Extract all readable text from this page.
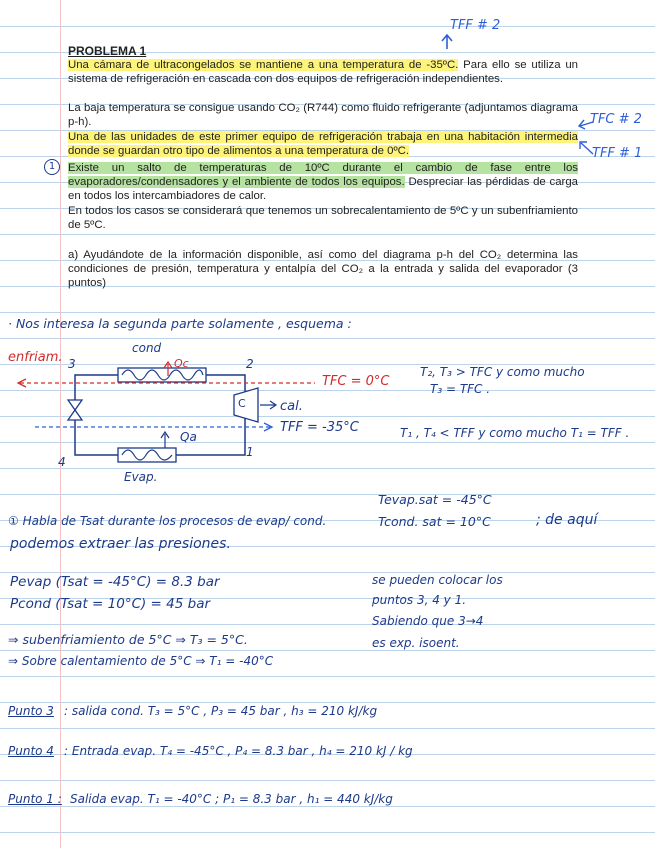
PROBLEMA 1
Una cámara de ultracongelados se mantiene a una temperatura de -35ºC. Para ello se utiliza un sistema de refrigeración en cascada con dos equipos de refrigeración independientes.
La baja temperatura se consigue usando CO₂ (R744) como fluido refrigerante (adjuntamos diagrama p-h).
Una de las unidades de este primer equipo de refrigeración trabaja en una habitación intermedia donde se guardan otro tipo de alimentos a una temperatura de 0ºC.
Existe un salto de temperaturas de 10ºC durante el cambio de fase entre los evaporadores/condensadores y el ambiente de todos los equipos. Despreciar las pérdidas de carga en todos los intercambiadores de calor.
En todos los casos se considerará que tenemos un sobrecalentamiento de 5ºC y un subenfriamiento de 5ºC.
a) Ayudándote de la información disponible, así como del diagrama p-h del CO₂ determina las condiciones de presión, temperatura y entalpía del CO₂ a la entrada y salida del evaporador (3 puntos)
TFF # 2
TFC # 2
TFF # 1
1
· Nos interesa la segunda parte solamente , esquema :
enfriam.
cond
3	2
Qc
TFC = 0°C
C	cal.
TFF = -35°C
Qa
4
1
Evap.
T₂, T₃ > TFC y como mucho
T₃ = TFC .
T₁ , T₄ < TFF y como mucho T₁ = TFF .
Tevap.sat = -45°C
Tcond. sat = 10°C	; de aquí
① Habla de Tsat durante los procesos de evap/ cond.
podemos extraer las presiones.
Pevap (Tsat = -45°C) = 8.3 bar
Pcond (Tsat = 10°C) = 45 bar
⇒ subenfriamiento de 5°C ⇒ T₃ = 5°C.
⇒ Sobre calentamiento de 5°C ⇒ T₁ = -40°C
se pueden colocar los
puntos 3, 4 y 1.
Sabiendo que 3→4
es exp. isoent.
Punto 3 : salida cond. T₃ = 5°C , P₃ = 45 bar , h₃ = 210 kJ/kg
Punto 4 : Entrada evap. T₄ = -45°C , P₄ = 8.3 bar , h₄ = 210 kJ / kg
Punto 1 : Salida evap. T₁ = -40°C ; P₁ = 8.3 bar , h₁ = 440 kJ/kg
